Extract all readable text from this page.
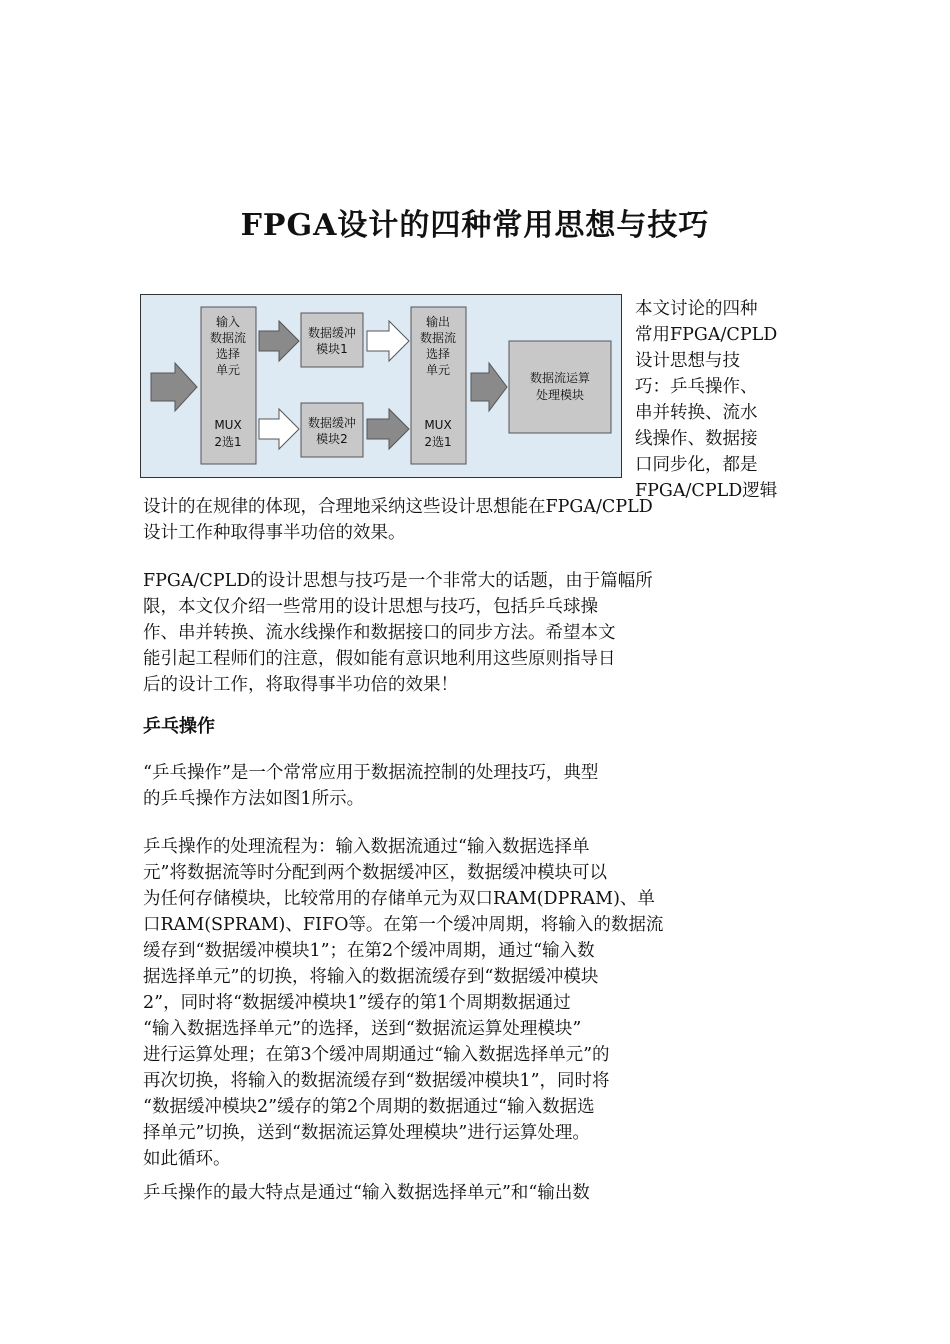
FPGA设计的四种常用思想与技巧
输入
数据流
选择
单元
MUX
2选1
数据缓冲
模块1
数据缓冲
模块2
输出
数据流
选择
单元
MUX
2选1
数据流运算
处理模块
本文讨论的四种
常用FPGA/CPLD
设计思想与技
巧：乒乓操作、
串并转换、流水
线操作、数据接
口同步化，都是
FPGA/CPLD逻辑
设计的在规律的体现，合理地采纳这些设计思想能在FPGA/CPLD
设计工作种取得事半功倍的效果。
FPGA/CPLD的设计思想与技巧是一个非常大的话题，由于篇幅所
限，本文仅介绍一些常用的设计思想与技巧，包括乒乓球操
作、串并转换、流水线操作和数据接口的同步方法。希望本文
能引起工程师们的注意，假如能有意识地利用这些原则指导日
后的设计工作，将取得事半功倍的效果！
乒乓操作
“乒乓操作”是一个常常应用于数据流控制的处理技巧，典型
的乒乓操作方法如图1所示。
乒乓操作的处理流程为：输入数据流通过“输入数据选择单
元”将数据流等时分配到两个数据缓冲区，数据缓冲模块可以
为任何存储模块，比较常用的存储单元为双口RAM(DPRAM)、单
口RAM(SPRAM)、FIFO等。在第一个缓冲周期，将输入的数据流
缓存到“数据缓冲模块1”；在第2个缓冲周期，通过“输入数
据选择单元”的切换，将输入的数据流缓存到“数据缓冲模块
2”，同时将“数据缓冲模块1”缓存的第1个周期数据通过
“输入数据选择单元”的选择，送到“数据流运算处理模块”
进行运算处理；在第3个缓冲周期通过“输入数据选择单元”的
再次切换，将输入的数据流缓存到“数据缓冲模块1”，同时将
“数据缓冲模块2”缓存的第2个周期的数据通过“输入数据选
择单元”切换，送到“数据流运算处理模块”进行运算处理。
如此循环。
乒乓操作的最大特点是通过“输入数据选择单元”和“输出数
